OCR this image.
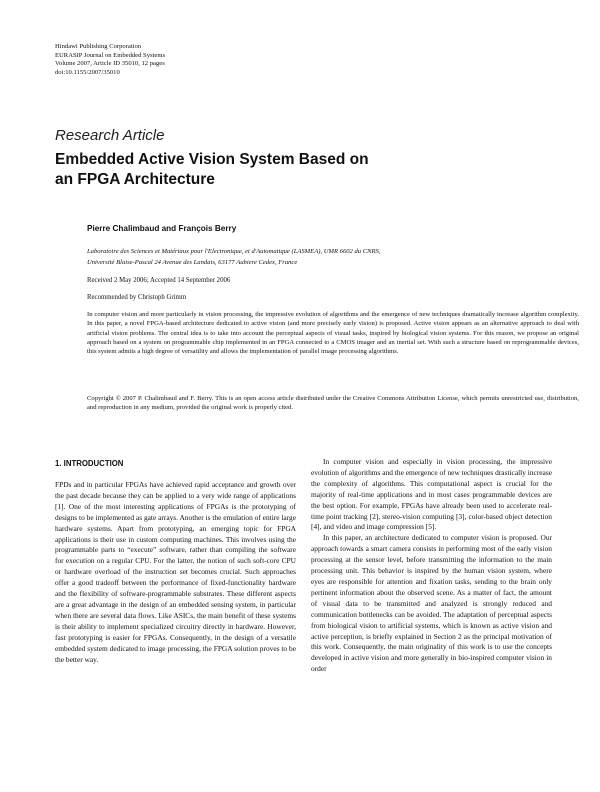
Hindawi Publishing Corporation
EURASIP Journal on Embedded Systems
Volume 2007, Article ID 35010, 12 pages
doi:10.1155/2007/35010
Research Article
Embedded Active Vision System Based on
an FPGA Architecture
Pierre Chalimbaud and François Berry
Laboratoire des Sciences et Matériaux pour l'Electronique, et d'Automatique (LASMEA), UMR 6602 du CNRS,
Université Blaise-Pascal 24 Avenue des Landais, 63177 Aubiere Cedex, France
Received 2 May 2006; Accepted 14 September 2006
Recommended by Christoph Grimm
In computer vision and more particularly in vision processing, the impressive evolution of algorithms and the emergence of new techniques dramatically increase algorithm complexity. In this paper, a novel FPGA-based architecture dedicated to active vision (and more precisely early vision) is proposed. Active vision appears as an alternative approach to deal with artificial vision problems. The central idea is to take into account the perceptual aspects of visual tasks, inspired by biological vision systems. For this reason, we propose an original approach based on a system on programmable chip implemented in an FPGA connected to a CMOS imager and an inertial set. With such a structure based on reprogrammable devices, this system admits a high degree of versatility and allows the implementation of parallel image processing algorithms.
Copyright © 2007 P. Chalimbaud and F. Berry. This is an open access article distributed under the Creative Commons Attribution License, which permits unrestricted use, distribution, and reproduction in any medium, provided the original work is properly cited.
1. INTRODUCTION

FPDs and in particular FPGAs have achieved rapid acceptance and growth over the past decade because they can be applied to a very wide range of applications [1]. One of the most interesting applications of FPGAs is the prototyping of designs to be implemented as gate arrays. Another is the emulation of entire large hardware systems. Apart from prototyping, an emerging topic for FPGA applications is their use in custom computing machines. This involves using the programmable parts to “execute” software, rather than compiling the software for execution on a regular CPU. For the latter, the notion of such soft-core CPU or hardware overload of the instruction set becomes crucial. Such approaches offer a good tradeoff between the performance of fixed-functionality hardware and the flexibility of software-programmable substrates. These different aspects are a great advantage in the design of an embedded sensing system, in particular when there are several data flows. Like ASICs, the main benefit of these systems is their ability to implement specialized circuitry directly in hardware. However, fast prototyping is easier for FPGAs. Consequently, in the design of a versatile embedded system dedicated to image processing, the FPGA solution proves to be the better way.

In computer vision and especially in vision processing, the impressive evolution of algorithms and the emergence of new techniques drastically increase the complexity of algorithms. This computational aspect is crucial for the majority of real-time applications and in most cases programmable devices are the best option. For example, FPGAs have already been used to accelerate real-time point tracking [2], stereo-vision computing [3], color-based object detection [4], and video and image compression [5].

In this paper, an architecture dedicated to computer vision is proposed. Our approach towards a smart camera consists in performing most of the early vision processing at the sensor level, before transmitting the information to the main processing unit. This behavior is inspired by the human vision system, where eyes are responsible for attention and fixation tasks, sending to the brain only pertinent information about the observed scene. As a matter of fact, the amount of visual data to be transmitted and analyzed is strongly reduced and communication bottlenecks can be avoided. The adaptation of perceptual aspects from biological vision to artificial systems, which is known as active vision and active perception, is briefly explained in Section 2 as the principal motivation of this work. Consequently, the main originality of this work is to use the concepts developed in active vision and more generally in bio-inspired computer vision in order
